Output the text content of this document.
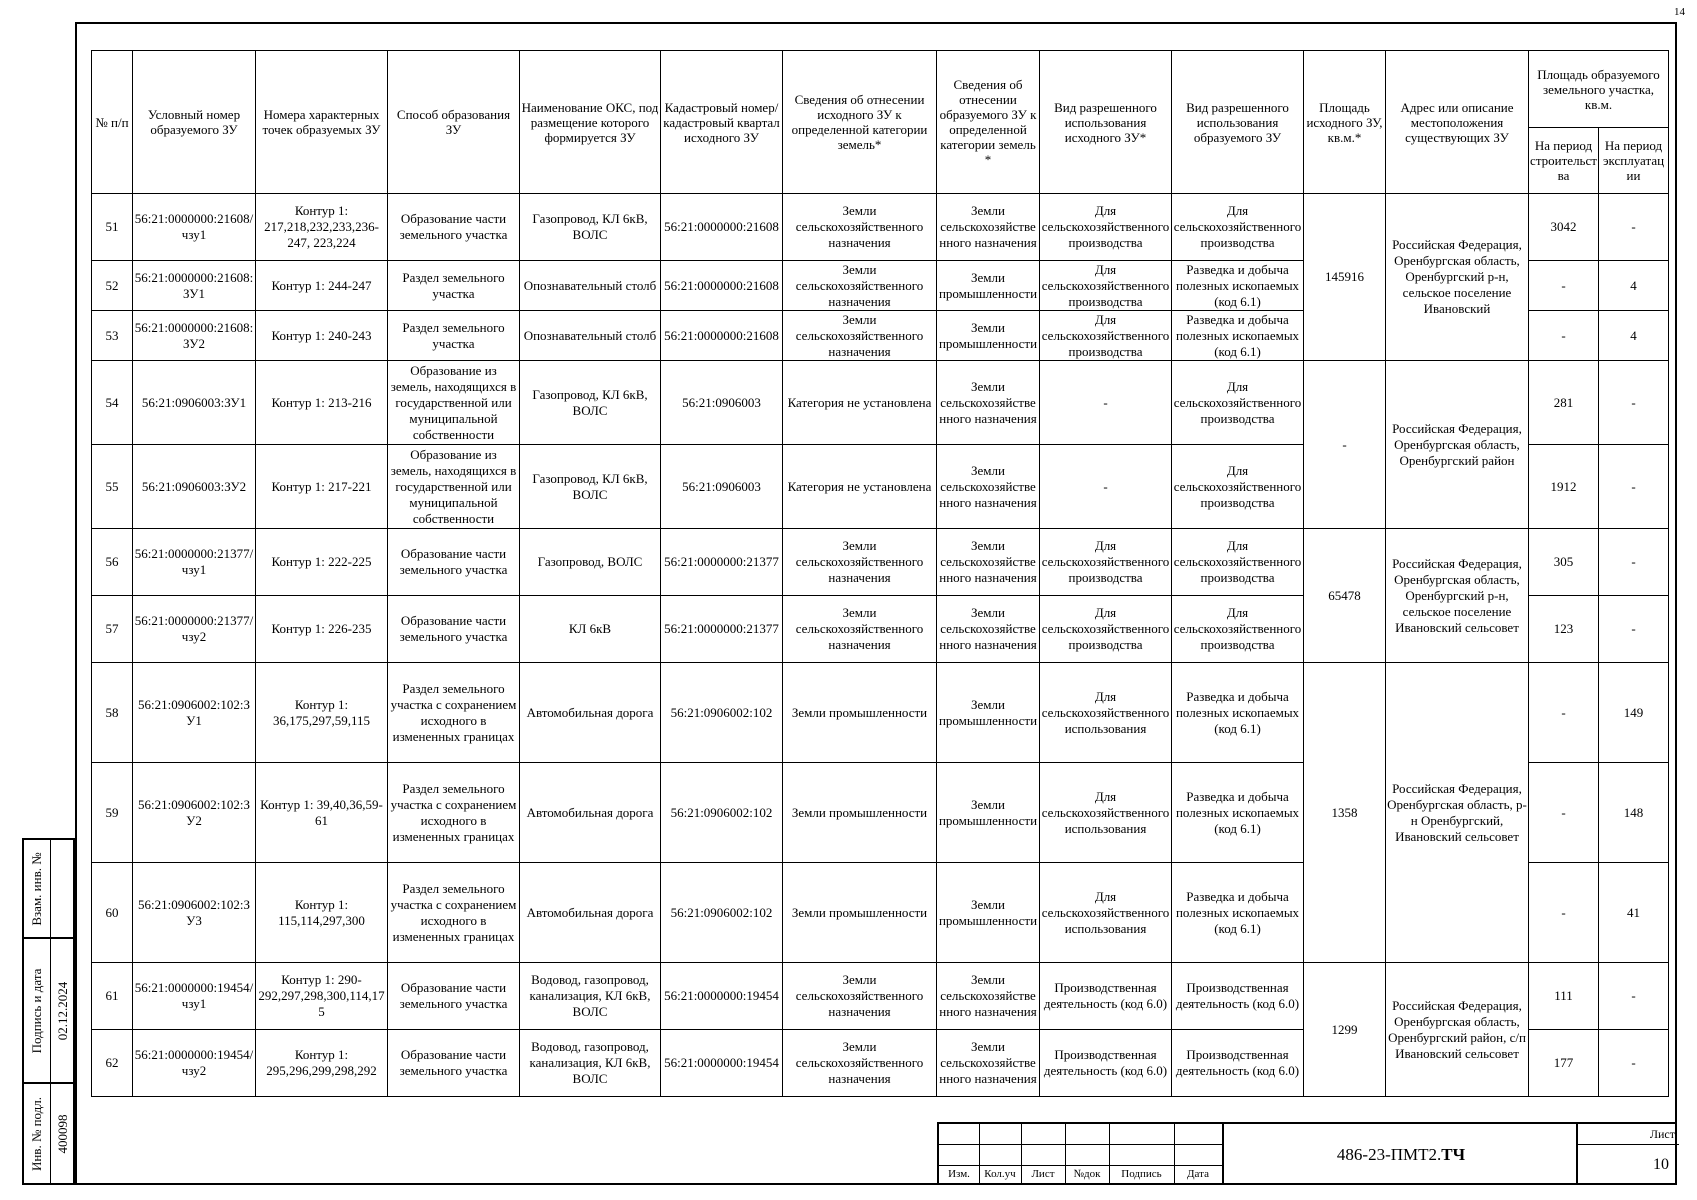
14
№ п/п	Условный номер образуемого ЗУ	Номера характерных точек образуемых ЗУ	Способ образования ЗУ	Наименование ОКС, под размещение которого формируется ЗУ	Кадастровый номер/ кадастровый квартал исходного ЗУ	Сведения об отнесении исходного ЗУ к определенной категории земель*	Сведения об отнесении образуемого ЗУ к определенной категории земель *	Вид разрешенного использования исходного ЗУ*	Вид разрешенного использования образуемого ЗУ	Площадь исходного ЗУ, кв.м.*	Адрес или описание местоположения существующих ЗУ	Площадь образуемого земельного участка, кв.м.	
												На период строительства	На период эксплуатации
51	56:21:0000000:21608/чзу1	Контур 1: 217,218,232,233,236-247, 223,224	Образование части земельного участка	Газопровод, КЛ 6кВ, ВОЛС	56:21:0000000:21608	Земли сельскохозяйственного назначения	Земли сельскохозяйственного назначения	Для сельскохозяйственного производства	Для сельскохозяйственного производства	145916	Российская Федерация, Оренбургская область, Оренбургский р-н, сельское поселение Ивановский	3042	-
52	56:21:0000000:21608:ЗУ1	Контур 1: 244-247	Раздел земельного участка	Опознавательный столб	56:21:0000000:21608	Земли сельскохозяйственного назначения	Земли промышленности	Для сельскохозяйственного производства	Разведка и добыча полезных ископаемых (код 6.1)			-	4
53	56:21:0000000:21608:ЗУ2	Контур 1: 240-243	Раздел земельного участка	Опознавательный столб	56:21:0000000:21608	Земли сельскохозяйственного назначения	Земли промышленности	Для сельскохозяйственного производства	Разведка и добыча полезных ископаемых (код 6.1)			-	4
54	56:21:0906003:ЗУ1	Контур 1: 213-216	Образование из земель, находящихся в государственной или муниципальной собственности	Газопровод, КЛ 6кВ, ВОЛС	56:21:0906003	Категория не установлена	Земли сельскохозяйственного назначения	-	Для сельскохозяйственного производства	-	Российская Федерация, Оренбургская область, Оренбургский район	281	-
55	56:21:0906003:ЗУ2	Контур 1: 217-221	Образование из земель, находящихся в государственной или муниципальной собственности	Газопровод, КЛ 6кВ, ВОЛС	56:21:0906003	Категория не установлена	Земли сельскохозяйственного назначения	-	Для сельскохозяйственного производства			1912	-
56	56:21:0000000:21377/чзу1	Контур 1: 222-225	Образование части земельного участка	Газопровод, ВОЛС	56:21:0000000:21377	Земли сельскохозяйственного назначения	Земли сельскохозяйственного назначения	Для сельскохозяйственного производства	Для сельскохозяйственного производства	65478	Российская Федерация, Оренбургская область, Оренбургский р-н, сельское поселение Ивановский сельсовет	305	-
57	56:21:0000000:21377/чзу2	Контур 1: 226-235	Образование части земельного участка	КЛ 6кВ	56:21:0000000:21377	Земли сельскохозяйственного назначения	Земли сельскохозяйственного назначения	Для сельскохозяйственного производства	Для сельскохозяйственного производства			123	-
58	56:21:0906002:102:ЗУ1	Контур 1: 36,175,297,59,115	Раздел земельного участка с сохранением исходного в измененных границах	Автомобильная дорога	56:21:0906002:102	Земли промышленности	Земли промышленности	Для сельскохозяйственного использования	Разведка и добыча полезных ископаемых (код 6.1)	1358	Российская Федерация, Оренбургская область, р-н Оренбургский, Ивановский сельсовет	-	149
59	56:21:0906002:102:ЗУ2	Контур 1: 39,40,36,59-61	Раздел земельного участка с сохранением исходного в измененных границах	Автомобильная дорога	56:21:0906002:102	Земли промышленности	Земли промышленности	Для сельскохозяйственного использования	Разведка и добыча полезных ископаемых (код 6.1)			-	148
60	56:21:0906002:102:ЗУ3	Контур 1: 115,114,297,300	Раздел земельного участка с сохранением исходного в измененных границах	Автомобильная дорога	56:21:0906002:102	Земли промышленности	Земли промышленности	Для сельскохозяйственного использования	Разведка и добыча полезных ископаемых (код 6.1)			-	41
61	56:21:0000000:19454/чзу1	Контур 1: 290-292,297,298,300,114,175	Образование части земельного участка	Водовод, газопровод, канализация, КЛ 6кВ, ВОЛС	56:21:0000000:19454	Земли сельскохозяйственного назначения	Земли сельскохозяйственного назначения	Производственная деятельность (код 6.0)	Производственная деятельность (код 6.0)	1299	Российская Федерация, Оренбургская область, Оренбургский район, с/п Ивановский сельсовет	111	-
62	56:21:0000000:19454/чзу2	Контур 1: 295,296,299,298,292	Образование части земельного участка	Водовод, газопровод, канализация, КЛ 6кВ, ВОЛС	56:21:0000000:19454	Земли сельскохозяйственного назначения	Земли сельскохозяйственного назначения	Производственная деятельность (код 6.0)	Производственная деятельность (код 6.0)			177	-
Взам. инв. №
Подпись и дата 02.12.2024
Инв. № подл. 400098
Изм.	Кол.уч	Лист	№док	Подпись	Дата
486-23-ПМТ2. ТЧ
Лист
10
